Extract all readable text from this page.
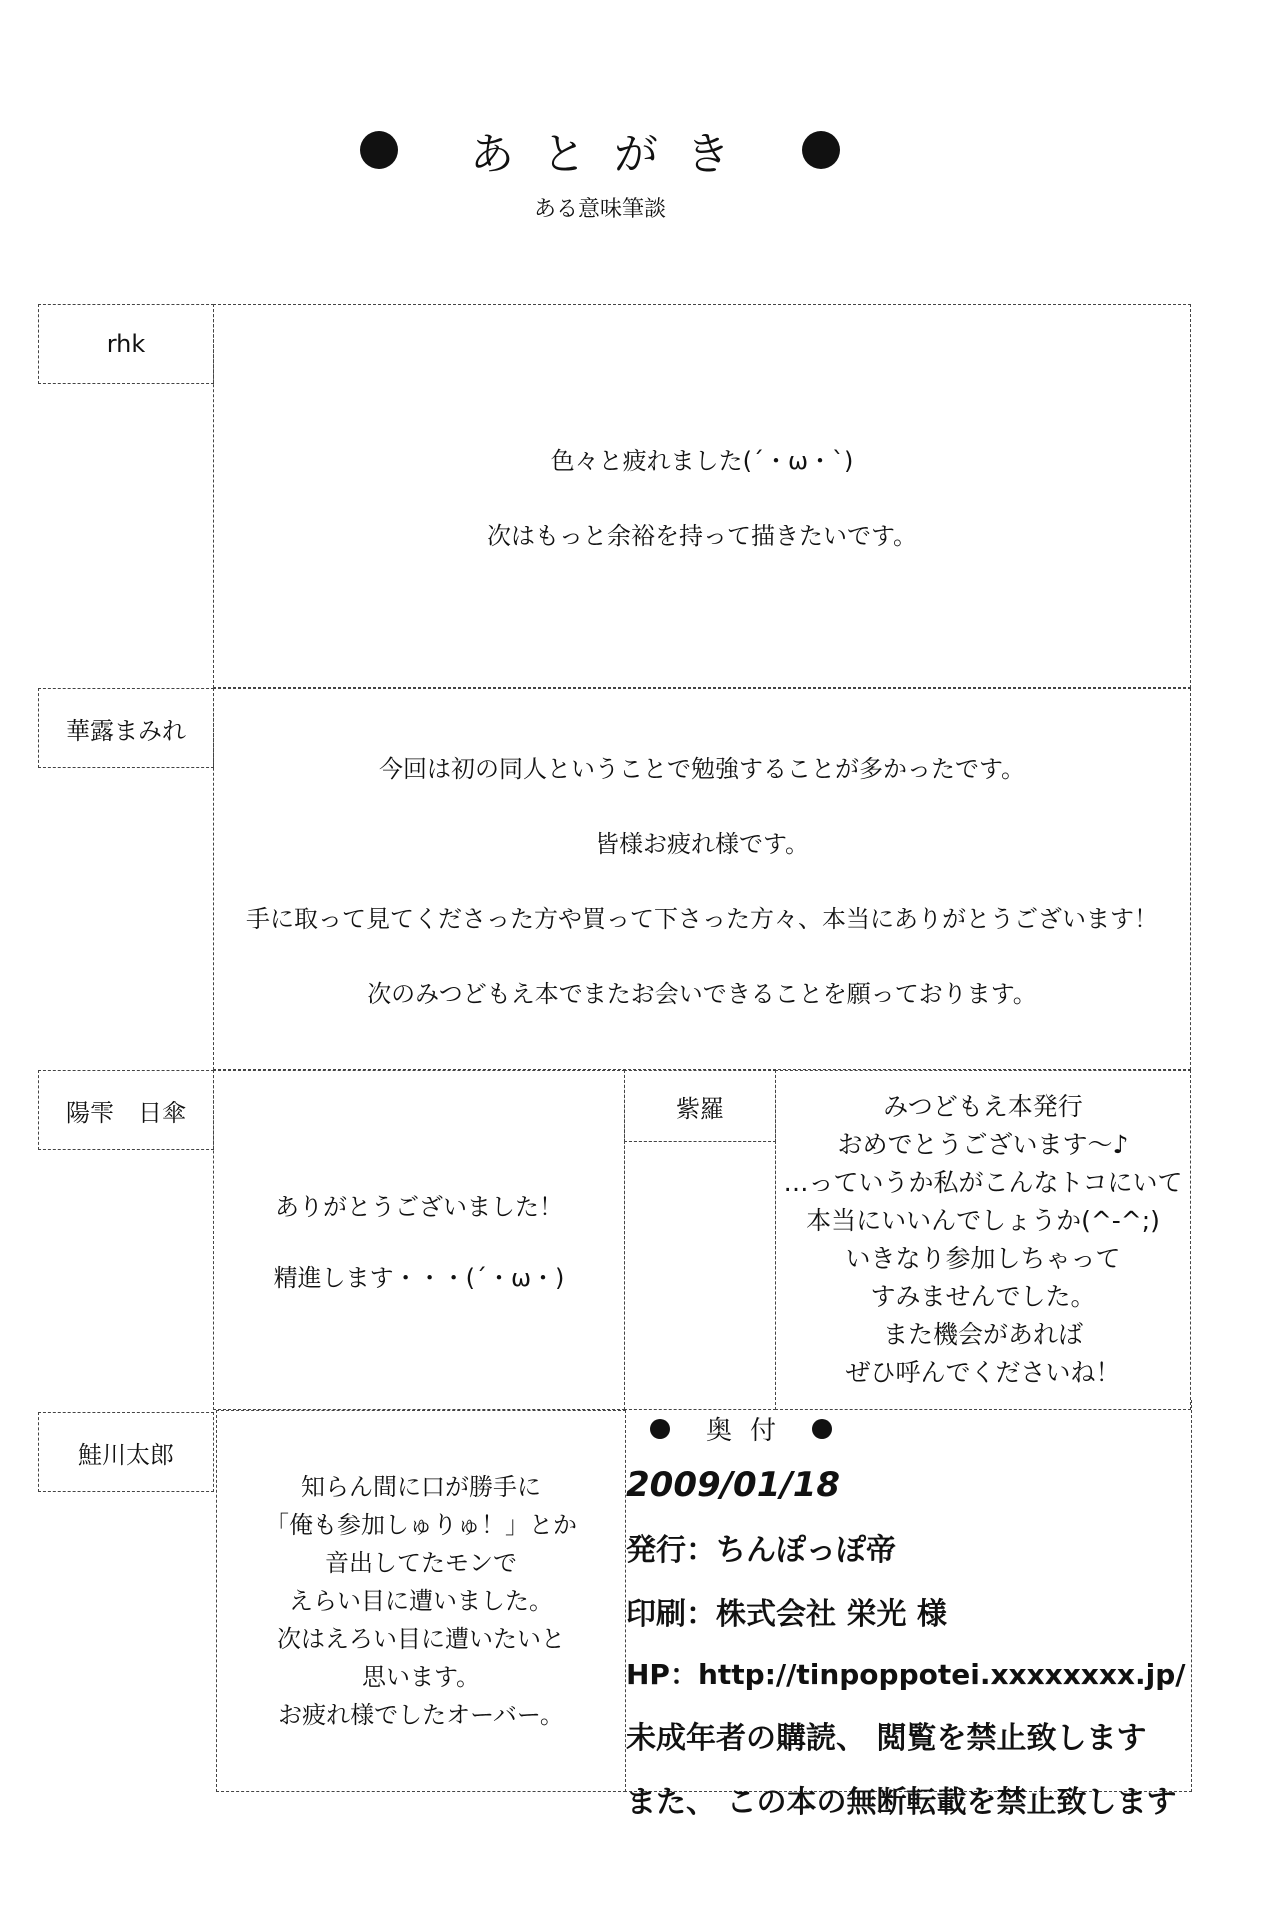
あとがき
ある意味筆談
rhk
色々と疲れました(´・ω・`)
次はもっと余裕を持って描きたいです。
華露まみれ
今回は初の同人ということで勉強することが多かったです。
皆様お疲れ様です。
手に取って見てくださった方や買って下さった方々、本当にありがとうございます！
次のみつどもえ本でまたお会いできることを願っております。
陽雫　日傘
ありがとうございました！
精進します・・・(´・ω・)
紫羅	みつどもえ本発行
おめでとうございます～♪
…っていうか私がこんなトコにいて
本当にいいんでしょうか(^-^;)
いきなり参加しちゃって
すみませんでした。
また機会があれば
ぜひ呼んでくださいね！
鮭川太郎
知らん間に口が勝手に
「俺も参加しゅりゅ！」とか
音出してたモンで
えらい目に遭いました。
次はえろい目に遭いたいと
思います。
お疲れ様でしたオーバー。
奥付
2009/01/18
発行：ちんぽっぽ帝
印刷：株式会社 栄光 様
HP：http://tinpoppotei.xxxxxxxx.jp/
未成年者の購読、 閲覧を禁止致します
また、 この本の無断転載を禁止致します
